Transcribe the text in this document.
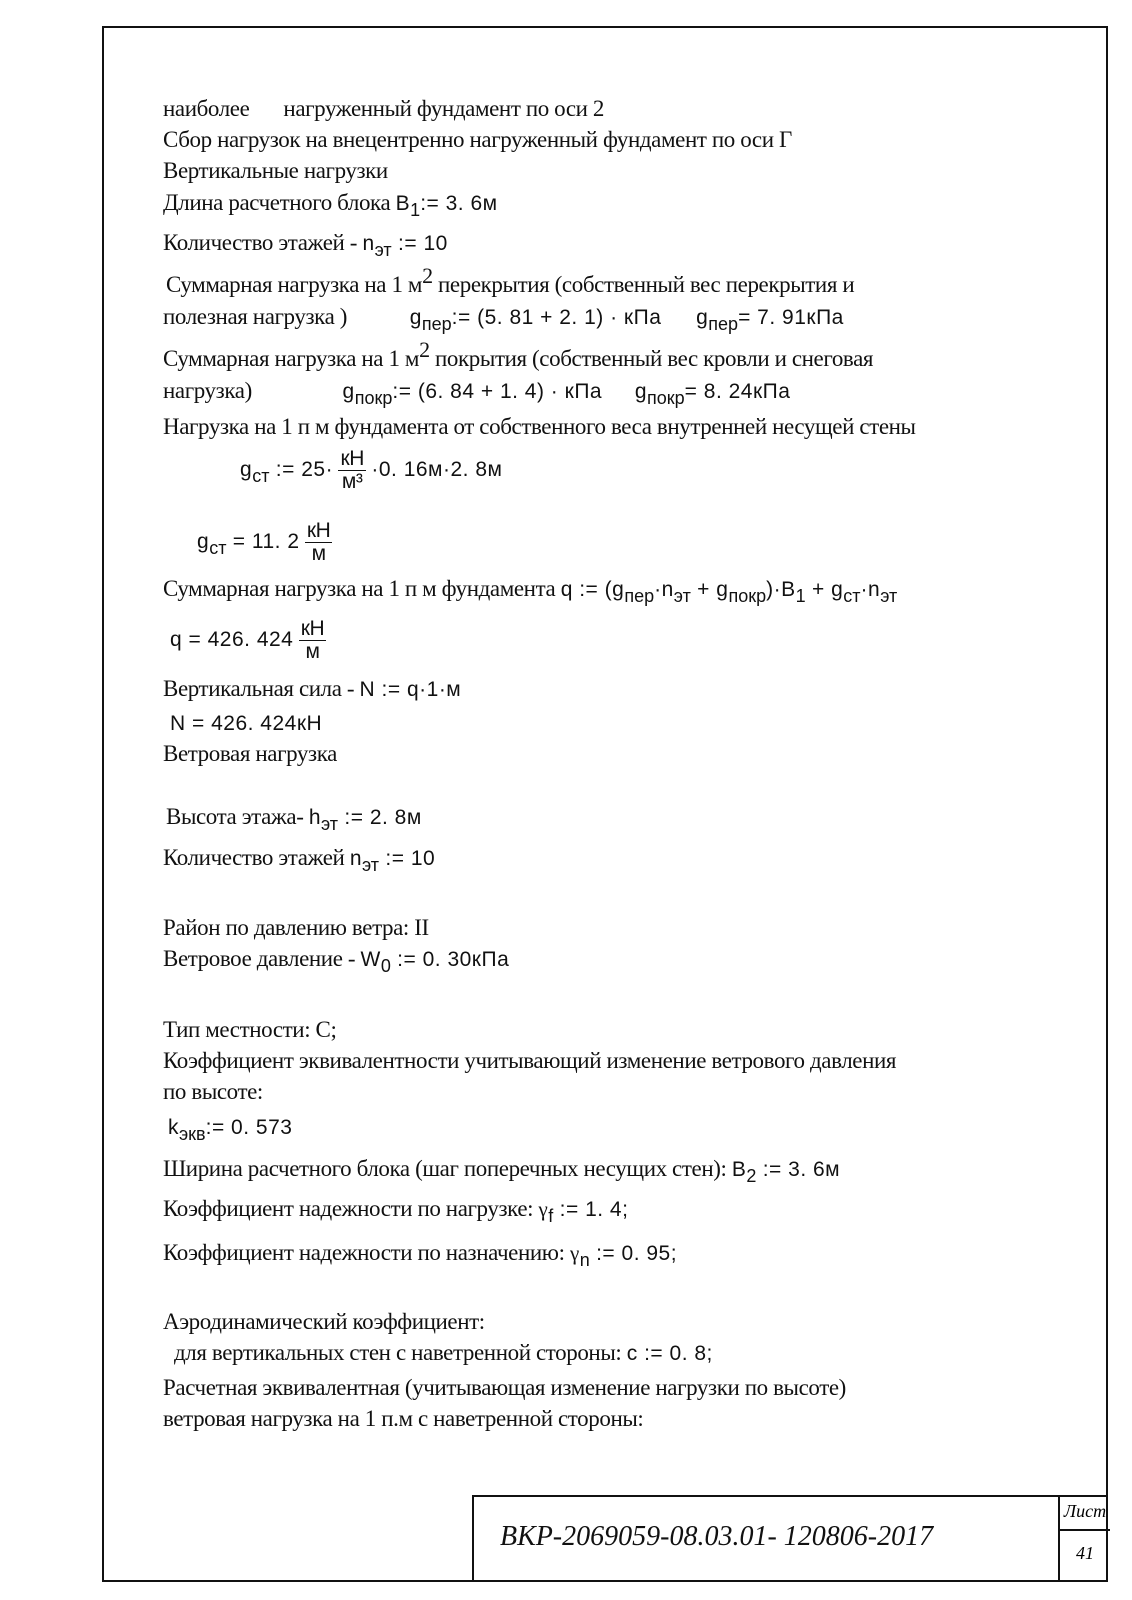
наиболее нагруженный фундамент по оси 2
Сбор нагрузок на внецентренно нагруженный фундамент по оси Г
Вертикальные нагрузки
Длина расчетного блока B1:= 3. 6м
Количество этажей - nэт := 10
Суммарная нагрузка на 1 м2 перекрытия (собственный вес перекрытия и
полезная нагрузка )	gпер:= (5. 81 + 2. 1) · кПа gпер= 7. 91кПа
Суммарная нагрузка на 1 м2 покрытия (собственный вес кровли и снеговая
нагрузка)	gпокр:= (6. 84 + 1. 4) · кПа gпокр= 8. 24кПа
Нагрузка на 1 п м фундамента от собственного веса внутренней несущей стены
gст := $25\cdot \frac{кН}{\text{м³}} \cdot 0$. 16м·2. 8м
gст = 11. $2 \frac{кН}{м}$
Суммарная нагрузка на 1 п м фундамента q := (gпер·nэт + gпокр)·B1 + gст·nэт
q = 426. $424 \frac{кН}{м}$
Вертикальная сила - N := q·1·м
N = 426. 424кН
Ветровая нагрузка
Высота этажа- hэт := 2. 8м
Количество этажей nэт := 10
Район по давлению ветра: II
Ветровое давление - W0 := 0. 30кПа
Тип местности: С;
Коэффициент эквивалентности учитывающий изменение ветрового давления
по высоте:
kэкв:= 0. 573
Ширина расчетного блока (шаг поперечных несущих стен): B2 := 3. 6м
Коэффициент надежности по нагрузке: γf := 1. 4;
Коэффициент надежности по назначению: γn := 0. 95;
Аэродинамический коэффициент:
для вертикальных стен с наветренной стороны: c := 0. 8;
Расчетная эквивалентная (учитывающая изменение нагрузки по высоте)
ветровая нагрузка на 1 п.м с наветренной стороны:
ВКР-2069059-08.03.01- 120806-2017
Лист
41
